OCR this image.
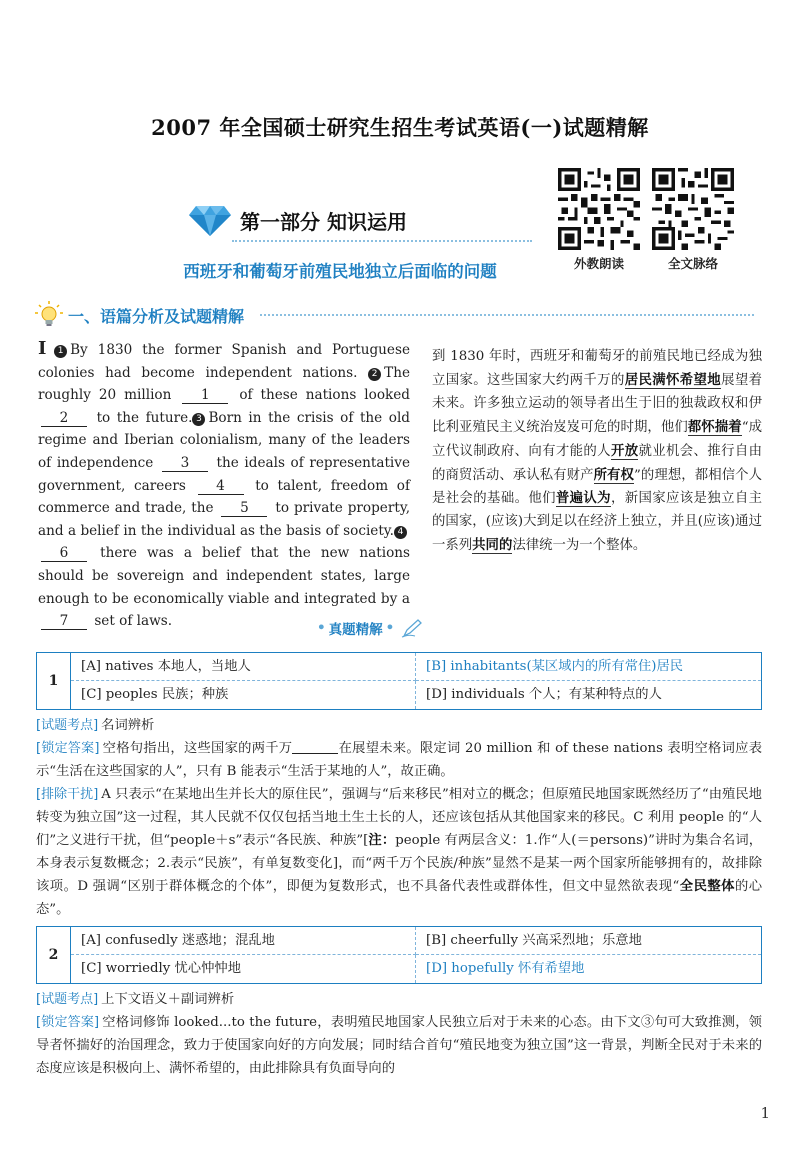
2007 年全国硕士研究生招生考试英语(一)试题精解
外教朗读	全文脉络
第一部分 知识运用
西班牙和葡萄牙前殖民地独立后面临的问题
一、语篇分析及试题精解
Ⅰ 1 By 1830 the former Spanish and Portuguese colonies had become independent nations. 2 The roughly 20 million 1 of these nations looked 2 to the future. 3 Born in the crisis of the old regime and Iberian colonialism, many of the leaders of independence 3 the ideals of representative government, careers 4 to talent, freedom of commerce and trade, the 5 to private property, and a belief in the individual as the basis of society. 46 there was a belief that the new nations should be sovereign and independent states, large enough to be economically viable and integrated by a 7 set of laws.
到 1830 年时，西班牙和葡萄牙的前殖民地已经成为独立国家。这些国家大约两千万的居民满怀希望地展望着未来。许多独立运动的领导者出生于旧的独裁政权和伊比利亚殖民主义统治岌岌可危的时期，他们都怀揣着“成立代议制政府、向有才能的人开放就业机会、推行自由的商贸活动、承认私有财产所有权”的理想，都相信个人是社会的基础。他们普遍认为，新国家应该是独立自主的国家，(应该)大到足以在经济上独立，并且(应该)通过一系列共同的法律统一为一个整体。
• 真题精解 •
1
[A] natives 本地人，当地人	[B] inhabitants(某区域内的所有常住)居民
[C] peoples 民族；种族	[D] individuals 个人；有某种特点的人
[试题考点] 名词辨析
[锁定答案] 空格句指出，这些国家的两千万	在展望未来。限定词 20 million 和 of these nations 表明空格词应表示“生活在这些国家的人”，只有 B 能表示“生活于某地的人”，故正确。
[排除干扰] A 只表示“在某地出生并长大的原住民”，强调与“后来移民”相对立的概念；但原殖民地国家既然经历了“由殖民地转变为独立国”这一过程，其人民就不仅仅包括当地土生土长的人，还应该包括从其他国家来的移民。C 利用 people 的“人们”之义进行干扰，但“people＋s”表示“各民族、种族”[注：people 有两层含义：1.作“人(＝persons)”讲时为集合名词，本身表示复数概念；2.表示“民族”，有单复数变化]，而“两千万个民族/种族”显然不是某一两个国家所能够拥有的，故排除该项。D 强调“区别于群体概念的个体”，即便为复数形式，也不具备代表性或群体性，但文中显然欲表现“全民整体的心态”。
2
[A] confusedly 迷惑地；混乱地	[B] cheerfully 兴高采烈地；乐意地
[C] worriedly 忧心忡忡地	[D] hopefully 怀有希望地
[试题考点] 上下文语义＋副词辨析
[锁定答案] 空格词修饰 looked...to the future，表明殖民地国家人民独立后对于未来的心态。由下文③句可大致推测，领导者怀揣好的治国理念，致力于使国家向好的方向发展；同时结合首句“殖民地变为独立国”这一背景，判断全民对于未来的态度应该是积极向上、满怀希望的，由此排除具有负面导向的
1
